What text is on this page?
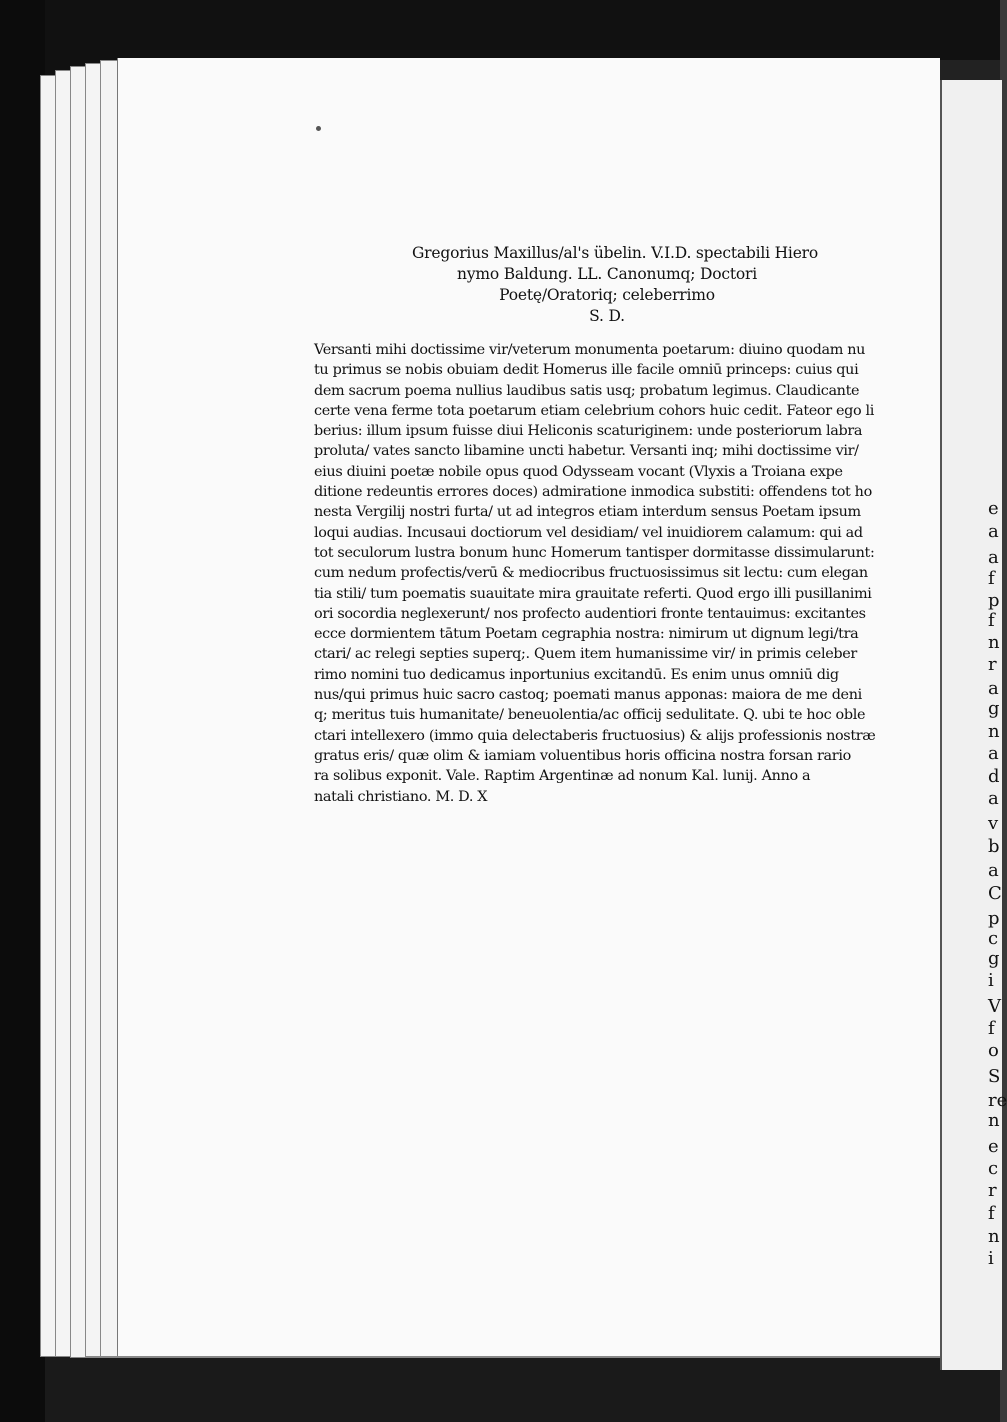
e
a
a
f
p
f
n
r
a
g
n
a
d
a
v
b
a
C
p
c
g
i
V
f
o
S
re
n
e
c
r
f
n
i
Gregorius Maxillus/al's übelin. V.I.D. spectabili Hiero
nymo Baldung. LL. Canonumq; Doctori
Poetę/Oratoriq; celeberrimo
S. D.
Versanti mihi doctissime vir/veterum monumenta poetarum: diuino quodam nu
tu primus se nobis obuiam dedit Homerus ille facile omniū princeps: cuius qui
dem sacrum poema nullius laudibus satis usq; probatum legimus. Claudicante
certe vena ferme tota poetarum etiam celebrium cohors huic cedit. Fateor ego li
berius: illum ipsum fuisse diui Heliconis scaturiginem: unde posteriorum labra
proluta/ vates sancto libamine uncti habetur. Versanti inq; mihi doctissime vir/
eius diuini poetæ nobile opus quod Odysseam vocant (Vlyxis a Troiana expe
ditione redeuntis errores doces) admiratione inmodica substiti: offendens tot ho
nesta Vergilij nostri furta/ ut ad integros etiam interdum sensus Poetam ipsum
loqui audias. Incusaui doctiorum vel desidiam/ vel inuidiorem calamum: qui ad
tot seculorum lustra bonum hunc Homerum tantisper dormitasse dissimularunt:
cum nedum profectis/verū & mediocribus fructuosissimus sit lectu: cum elegan
tia stili/ tum poematis suauitate mira grauitate referti. Quod ergo illi pusillanimi
ori socordia neglexerunt/ nos profecto audentiori fronte tentauimus: excitantes
ecce dormientem tātum Poetam cegraphia nostra: nimirum ut dignum legi/tra
ctari/ ac relegi septies superq;. Quem item humanissime vir/ in primis celeber
rimo nomini tuo dedicamus inportunius excitandū. Es enim unus omniū dig
nus/qui primus huic sacro castoq; poemati manus apponas: maiora de me deni
q; meritus tuis humanitate/ beneuolentia/ac officij sedulitate. Q. ubi te hoc oble
ctari intellexero (immo quia delectaberis fructuosius) & alijs professionis nostræ
gratus eris/ quæ olim & iamiam voluentibus horis officina nostra forsan rario
ra solibus exponit. Vale. Raptim Argentinæ ad nonum Kal. lunij. Anno a
natali christiano. M. D. X
